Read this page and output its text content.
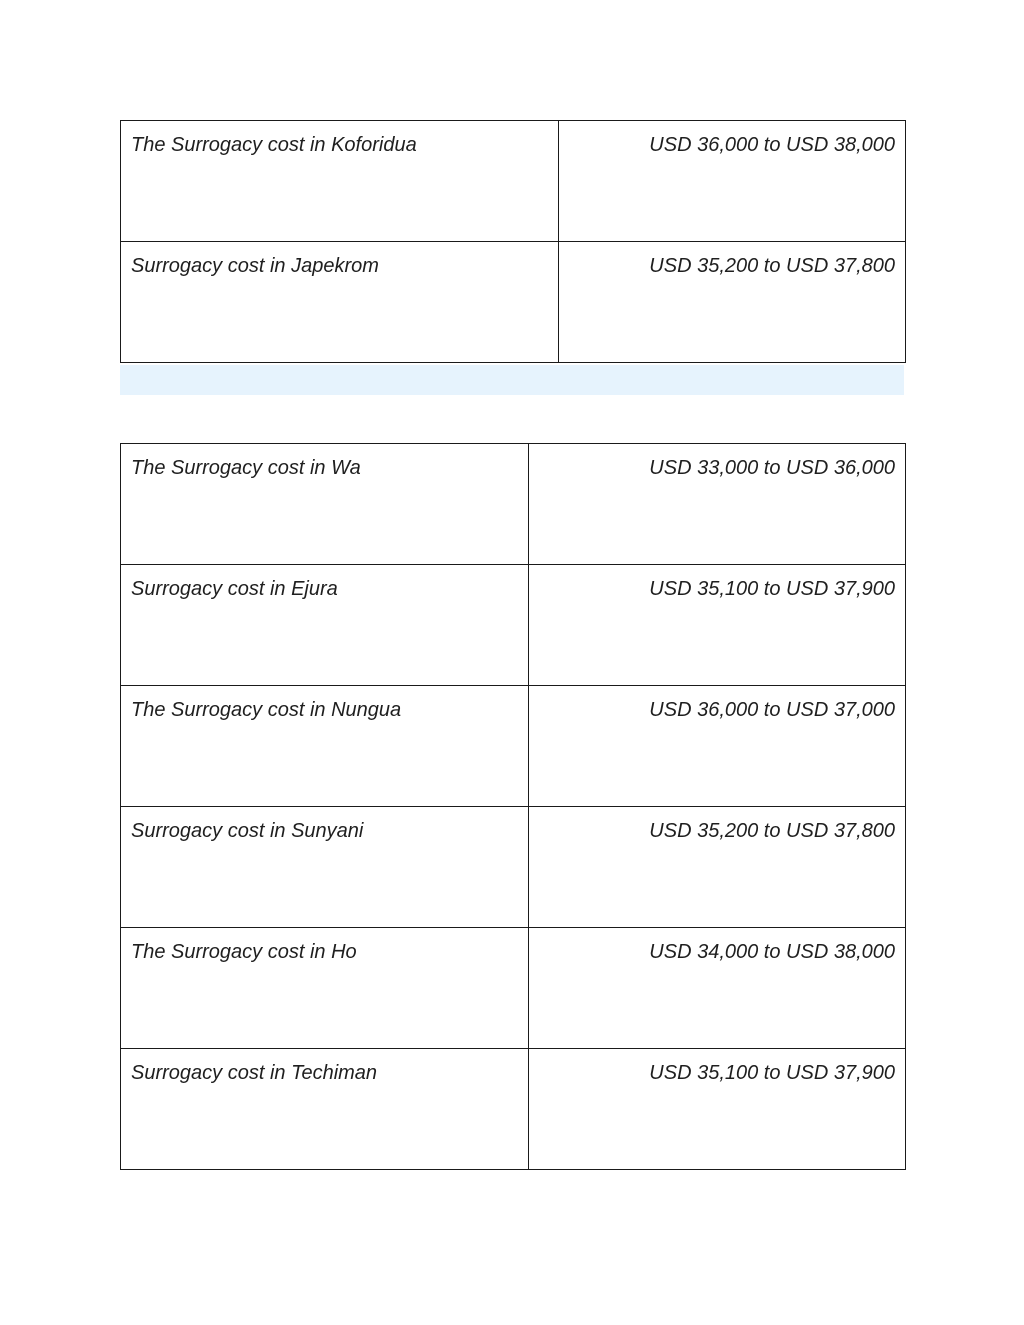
The Surrogacy cost in Koforidua	USD 36,000 to USD 38,000
Surrogacy cost in Japekrom	USD 35,200 to USD 37,800
The Surrogacy cost in Wa	USD 33,000 to USD 36,000
Surrogacy cost in Ejura	USD 35,100 to USD 37,900
The Surrogacy cost in Nungua	USD 36,000 to USD 37,000
Surrogacy cost in Sunyani	USD 35,200 to USD 37,800
The Surrogacy cost in Ho	USD 34,000 to USD 38,000
Surrogacy cost in Techiman	USD 35,100 to USD 37,900
